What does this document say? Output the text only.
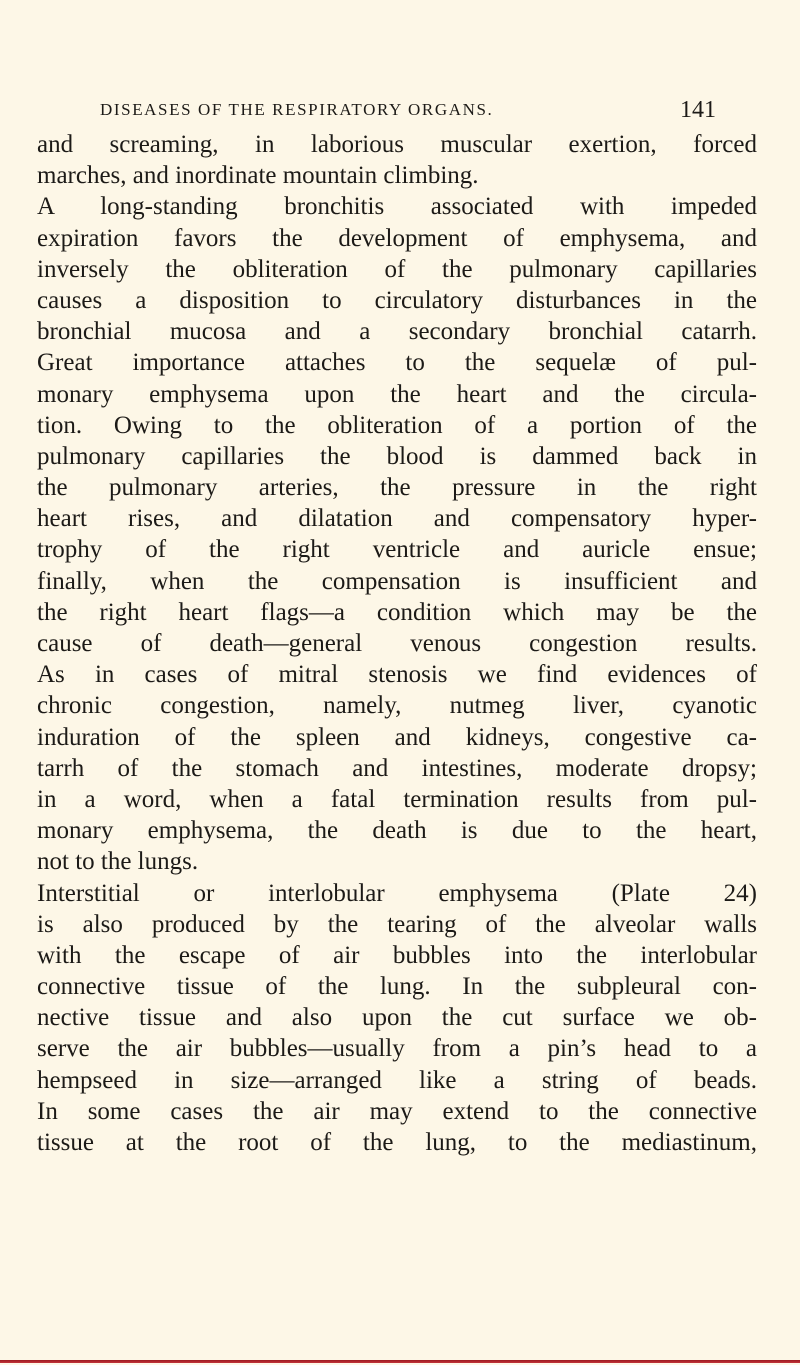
DISEASES OF THE RESPIRATORY ORGANS.	141
and screaming, in laborious muscular exertion, forced
marches, and inordinate mountain climbing.
A long-standing bronchitis associated with impeded
expiration favors the development of emphysema, and
inversely the obliteration of the pulmonary capillaries
causes a disposition to circulatory disturbances in the
bronchial mucosa and a secondary bronchial catarrh.
Great importance attaches to the sequelæ of pul-
monary emphysema upon the heart and the circula-
tion. Owing to the obliteration of a portion of the
pulmonary capillaries the blood is dammed back in
the pulmonary arteries, the pressure in the right
heart rises, and dilatation and compensatory hyper-
trophy of the right ventricle and auricle ensue;
finally, when the compensation is insufficient and
the right heart flags—a condition which may be the
cause of death—general venous congestion results.
As in cases of mitral stenosis we find evidences of
chronic congestion, namely, nutmeg liver, cyanotic
induration of the spleen and kidneys, congestive ca-
tarrh of the stomach and intestines, moderate dropsy;
in a word, when a fatal termination results from pul-
monary emphysema, the death is due to the heart,
not to the lungs.
Interstitial or interlobular emphysema (Plate 24)
is also produced by the tearing of the alveolar walls
with the escape of air bubbles into the interlobular
connective tissue of the lung. In the subpleural con-
nective tissue and also upon the cut surface we ob-
serve the air bubbles—usually from a pin’s head to a
hempseed in size—arranged like a string of beads.
In some cases the air may extend to the connective
tissue at the root of the lung, to the mediastinum,
